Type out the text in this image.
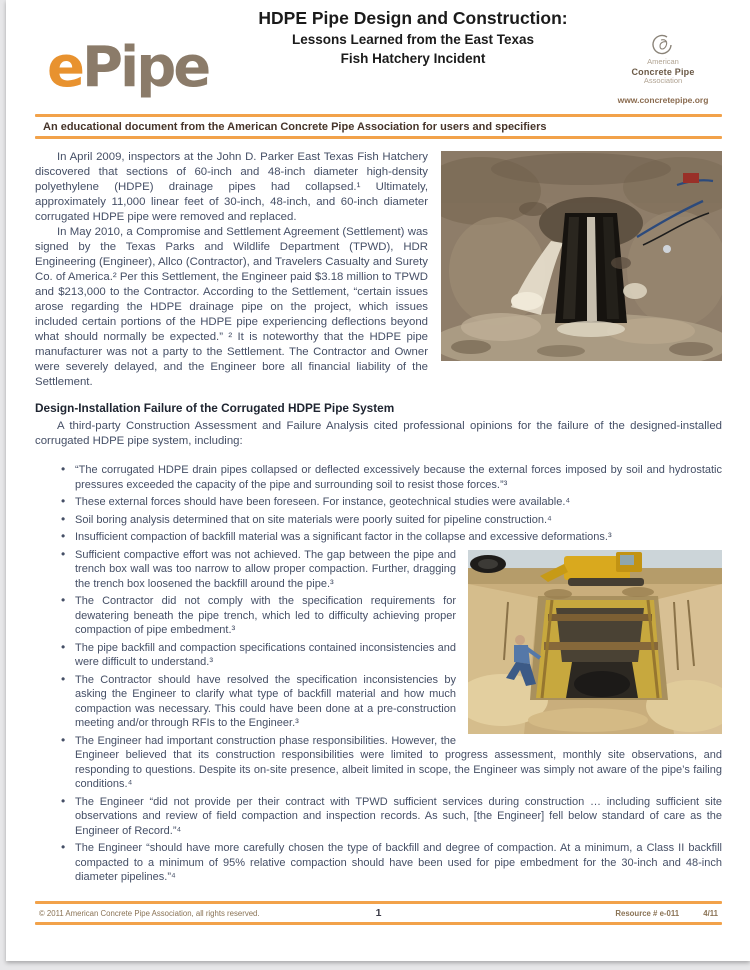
ePipe
HDPE Pipe Design and Construction:
Lessons Learned from the East Texas
Fish Hatchery Incident	American
Concrete Pipe
Association
www.concretepipe.org
An educational document from the American Concrete Pipe Association for users and specifiers

In April 2009, inspectors at the John D. Parker East Texas Fish Hatchery discovered that sections of 60-inch and 48-inch diameter high-density polyethylene (HDPE) drainage pipes had collapsed.¹ Ultimately, approximately 11,000 linear feet of 30-inch, 48-inch, and 60-inch diameter corrugated HDPE pipe were removed and replaced.

In May 2010, a Compromise and Settlement Agreement (Settlement) was signed by the Texas Parks and Wildlife Department (TPWD), HDR Engineering (Engineer), Allco (Contractor), and Travelers Casualty and Surety Co. of America.² Per this Settlement, the Engineer paid $3.18 million to TPWD and $213,000 to the Contractor. According to the Settlement, “certain issues arose regarding the HDPE drainage pipe on the project, which issues included certain portions of the HDPE pipe experiencing deflections beyond what should normally be expected.” ² It is noteworthy that the HDPE pipe manufacturer was not a party to the Settlement. The Contractor and Owner were severely delayed, and the Engineer bore all financial liability of the Settlement.

Design-Installation Failure of the Corrugated HDPE Pipe System

A third-party Construction Assessment and Failure Analysis cited professional opinions for the failure of the designed-installed corrugated HDPE pipe system, including:

• “The corrugated HDPE drain pipes collapsed or deflected excessively because the external forces imposed by soil and hydrostatic pressures exceeded the capacity of the pipe and surrounding soil to resist those forces.”³
• These external forces should have been foreseen. For instance, geotechnical studies were available.⁴
• Soil boring analysis determined that on site materials were poorly suited for pipeline construction.⁴
• Insufficient compaction of backfill material was a significant factor in the collapse and excessive deformations.³
• Sufficient compactive effort was not achieved. The gap between the pipe and trench box wall was too narrow to allow proper compaction. Further, dragging the trench box loosened the backfill around the pipe.³
• The Contractor did not comply with the specification requirements for dewatering beneath the pipe trench, which led to difficulty achieving proper compaction of pipe embedment.³
• The pipe backfill and compaction specifications contained inconsistencies and were difficult to understand.³
• The Contractor should have resolved the specification inconsistencies by asking the Engineer to clarify what type of backfill material and how much compaction was necessary. This could have been done at a pre-construction meeting and/or through RFIs to the Engineer.³
• The Engineer had important construction phase responsibilities. However, the Engineer believed that its construction responsibilities were limited to progress assessment, monthly site observations, and responding to questions. Despite its on-site presence, albeit limited in scope, the Engineer was simply not aware of the pipe’s failing conditions.⁴
• The Engineer “did not provide per their contract with TPWD sufficient services during construction … including sufficient site observations and review of field compaction and inspection records. As such, [the Engineer] fell below standard of care as the Engineer of Record.”⁴
• The Engineer “should have more carefully chosen the type of backfill and degree of compaction. At a minimum, a Class II backfill compacted to a minimum of 95% relative compaction should have been used for pipe embedment for the 30-inch and 48-inch diameter pipelines.”⁴
© 2011 American Concrete Pipe Association, all rights reserved.	1	Resource # e-011	4/11
